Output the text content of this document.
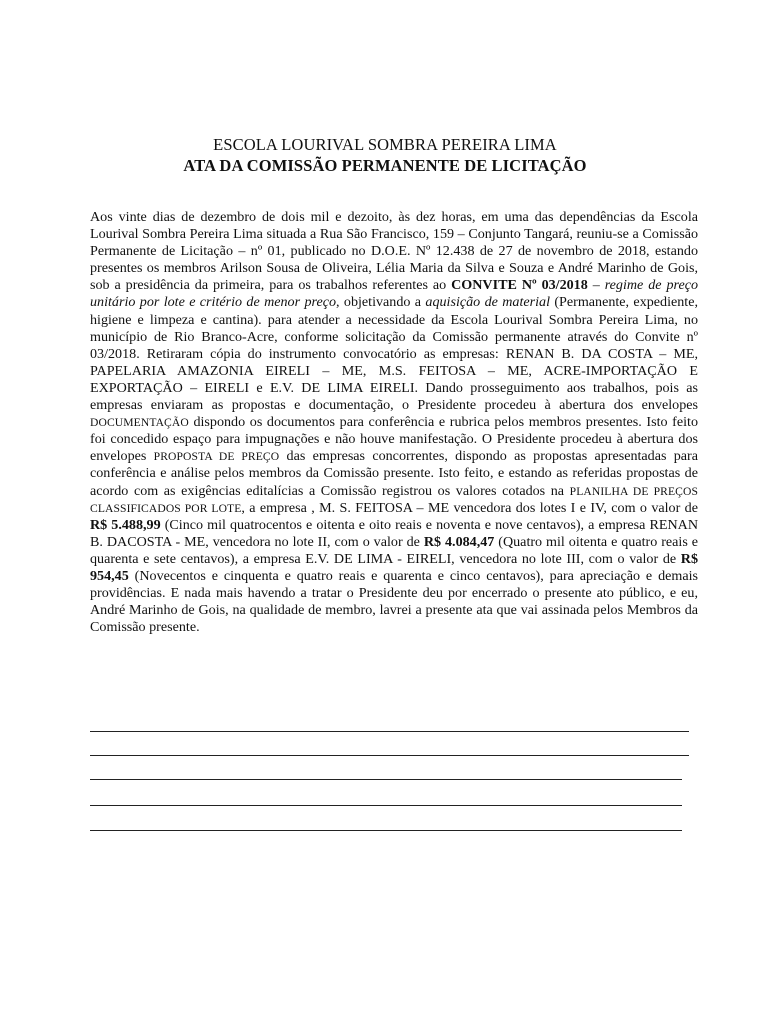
ESCOLA LOURIVAL SOMBRA PEREIRA LIMA
ATA DA COMISSÃO PERMANENTE DE LICITAÇÃO

Aos vinte dias de dezembro de dois mil e dezoito, às dez horas, em uma das dependências da Escola Lourival Sombra Pereira Lima situada a Rua São Francisco, 159 – Conjunto Tangará, reuniu-se a Comissão Permanente de Licitação – nº 01, publicado no D.O.E. Nº 12.438 de 27 de novembro de 2018, estando presentes os membros Arilson Sousa de Oliveira, Lélia Maria da Silva e Souza e André Marinho de Gois, sob a presidência da primeira, para os trabalhos referentes ao CONVITE Nº 03/2018 – regime de preço unitário por lote e critério de menor preço, objetivando a aquisição de material (Permanente, expediente, higiene e limpeza e cantina). para atender a necessidade da Escola Lourival Sombra Pereira Lima, no município de Rio Branco-Acre, conforme solicitação da Comissão permanente através do Convite nº 03/2018. Retiraram cópia do instrumento convocatório as empresas: RENAN B. DA COSTA – ME, PAPELARIA AMAZONIA EIRELI – ME, M.S. FEITOSA – ME, ACRE-IMPORTAÇÃO E EXPORTAÇÃO – EIRELI e E.V. DE LIMA EIRELI. Dando prosseguimento aos trabalhos, pois as empresas enviaram as propostas e documentação, o Presidente procedeu à abertura dos envelopes DOCUMENTAÇÃO dispondo os documentos para conferência e rubrica pelos membros presentes. Isto feito foi concedido espaço para impugnações e não houve manifestação. O Presidente procedeu à abertura dos envelopes PROPOSTA DE PREÇO das empresas concorrentes, dispondo as propostas apresentadas para conferência e análise pelos membros da Comissão presente. Isto feito, e estando as referidas propostas de acordo com as exigências editalícias a Comissão registrou os valores cotados na PLANILHA DE PREÇOS CLASSIFICADOS POR LOTE, a empresa , M. S. FEITOSA – ME vencedora dos lotes I e IV, com o valor de R$ 5.488,99 (Cinco mil quatrocentos e oitenta e oito reais e noventa e nove centavos), a empresa RENAN B. DACOSTA - ME, vencedora no lote II, com o valor de R$ 4.084,47 (Quatro mil oitenta e quatro reais e quarenta e sete centavos), a empresa E.V. DE LIMA - EIRELI, vencedora no lote III, com o valor de R$ 954,45 (Novecentos e cinquenta e quatro reais e quarenta e cinco centavos), para apreciação e demais providências. E nada mais havendo a tratar o Presidente deu por encerrado o presente ato público, e eu, André Marinho de Gois, na qualidade de membro, lavrei a presente ata que vai assinada pelos Membros da Comissão presente.
